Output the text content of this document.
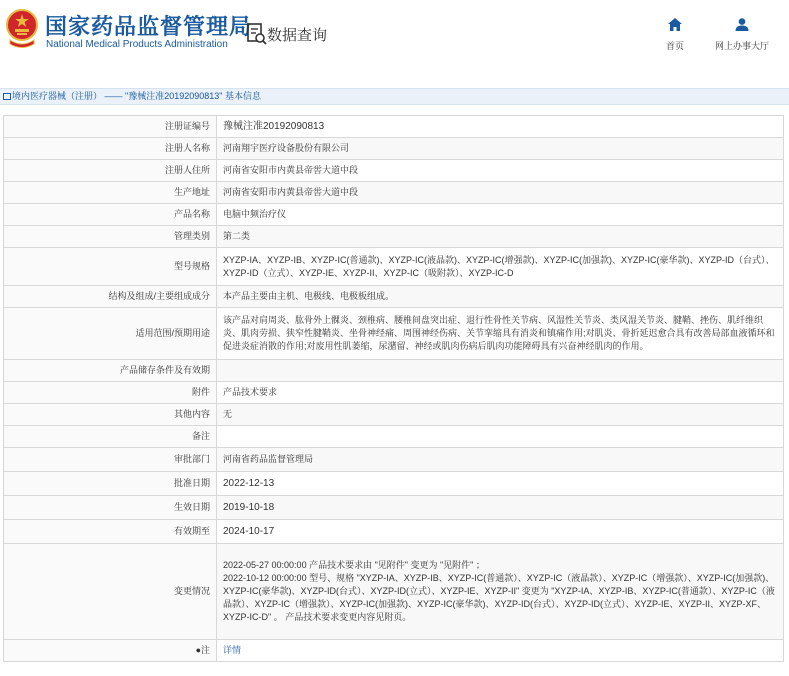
国家药品监督管理局
National Medical Products Administration
数据查询
首页	网上办事大厅
境内医疗器械（注册） —— "豫械注准20192090813" 基本信息
注册证编号	豫械注准20192090813
注册人名称	河南翔宇医疗设备股份有限公司
注册人住所	河南省安阳市内黄县帝喾大道中段
生产地址	河南省安阳市内黄县帝喾大道中段
产品名称	电脑中频治疗仪
管理类别	第二类
型号规格	XYZP-IA、XYZP-IB、XYZP-IC(普通款)、XYZP-IC(液晶款)、XYZP-IC(增强款)、XYZP-IC(加强款)、XYZP-IC(豪华款)、XYZP-ID（台式）、XYZP-ID（立式）、XYZP-IE、XYZP-II、XYZP-IC（吸附款）、XYZP-IC-D
结构及组成/主要组成成分	本产品主要由主机、电极线、电极板组成。
适用范围/预期用途	该产品对肩周炎、肱骨外上髁炎、颈椎病、腰椎间盘突出症、退行性骨性关节病、风湿性关节炎、类风湿关节炎、腱鞘、挫伤、肌纤维织炎、肌肉劳损、狭窄性腱鞘炎、坐骨神经痛、周围神经伤病、关节挛缩具有消炎和镇痛作用;对肌炎、骨折延迟愈合具有改善局部血液循环和促进炎症消散的作用;对废用性肌萎缩，尿潴留、神经或肌肉伤病后肌肉功能障碍具有兴奋神经肌肉的作用。
产品储存条件及有效期	
附件	产品技术要求
其他内容	无
备注	
审批部门	河南省药品监督管理局
批准日期	2022-12-13
生效日期	2019-10-18
有效期至	2024-10-17
变更情况	2022-05-27 00:00:00 产品技术要求由 "见附件" 变更为 "见附件" ；
2022-10-12 00:00:00 型号、规格 "XYZP-IA、XYZP-IB、XYZP-IC(普通款）、XYZP-IC（液晶款）、XYZP-IC（增强款）、XYZP-IC(加强款)、XYZP-IC(豪华款)、XYZP-ID(台式）、XYZP-ID(立式）、XYZP-IE、XYZP-II" 变更为 "XYZP-IA、XYZP-IB、XYZP-IC(普通款）、XYZP-IC（液晶款）、XYZP-IC（增强款）、XYZP-IC(加强款)、XYZP-IC(豪华款)、XYZP-ID(台式）、XYZP-ID(立式）、XYZP-IE、XYZP-II、XYZP-XF、XYZP-IC-D" 。 产品技术要求变更内容见附页。
●注	详情
